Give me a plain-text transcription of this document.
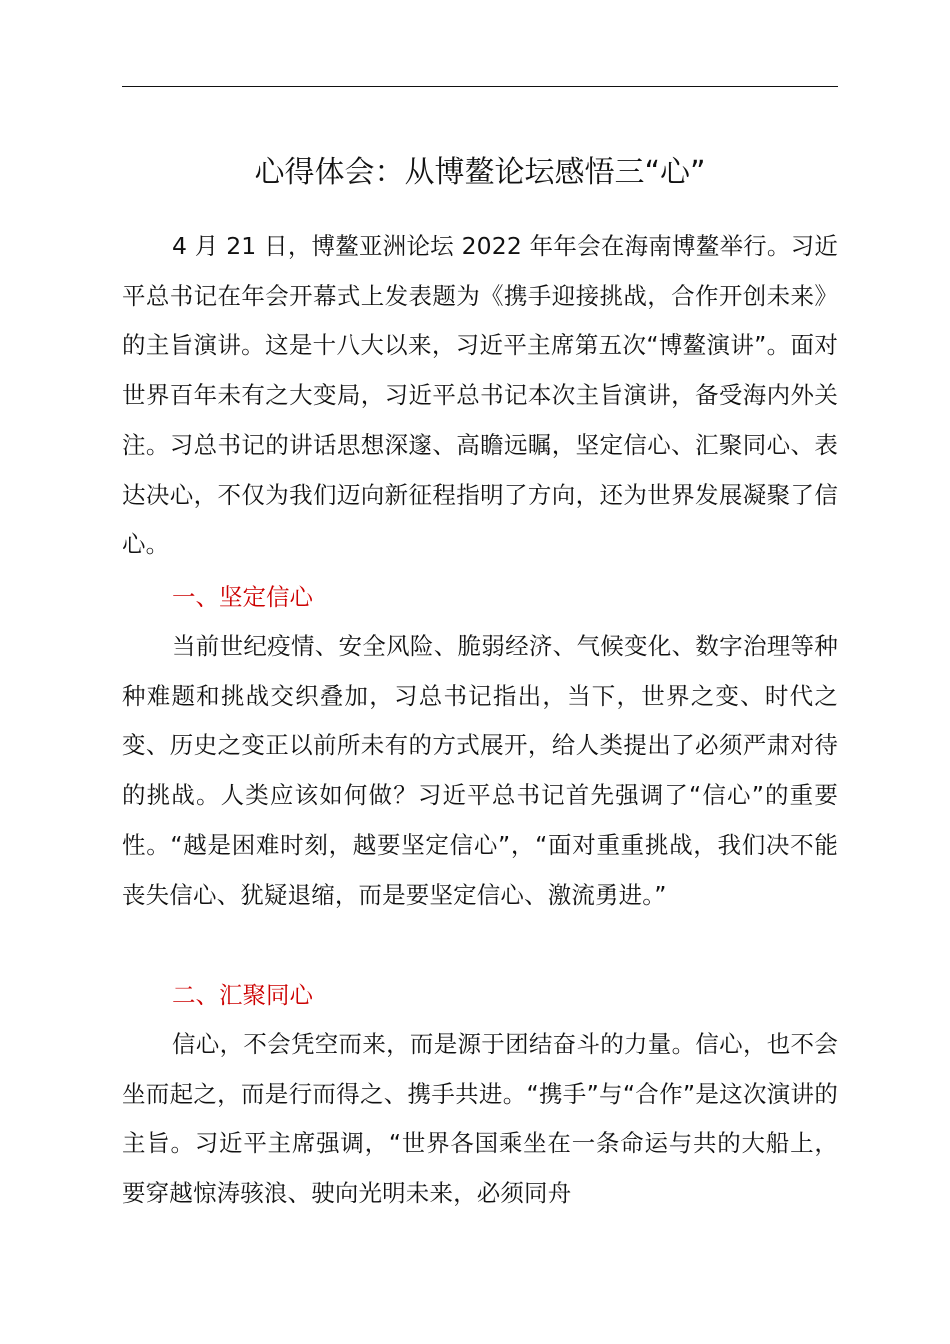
心得体会：从博鳌论坛感悟三“心”

4 月 21 日，博鳌亚洲论坛 2022 年年会在海南博鳌举行。习近平总书记在年会开幕式上发表题为《携手迎接挑战，合作开创未来》的主旨演讲。这是十八大以来，习近平主席第五次“博鳌演讲”。面对世界百年未有之大变局，习近平总书记本次主旨演讲，备受海内外关注。习总书记的讲话思想深邃、高瞻远瞩，坚定信心、汇聚同心、表达决心，不仅为我们迈向新征程指明了方向，还为世界发展凝聚了信心。

一、坚定信心

当前世纪疫情、安全风险、脆弱经济、气候变化、数字治理等种种难题和挑战交织叠加，习总书记指出，当下，世界之变、时代之变、历史之变正以前所未有的方式展开，给人类提出了必须严肃对待的挑战。人类应该如何做？习近平总书记首先强调了“信心”的重要性。“越是困难时刻，越要坚定信心”，“面对重重挑战，我们决不能丧失信心、犹疑退缩，而是要坚定信心、激流勇进。”

二、汇聚同心

信心，不会凭空而来，而是源于团结奋斗的力量。信心，也不会坐而起之，而是行而得之、携手共进。“携手”与“合作”是这次演讲的主旨。习近平主席强调，“世界各国乘坐在一条命运与共的大船上，要穿越惊涛骇浪、驶向光明未来，必须同舟
